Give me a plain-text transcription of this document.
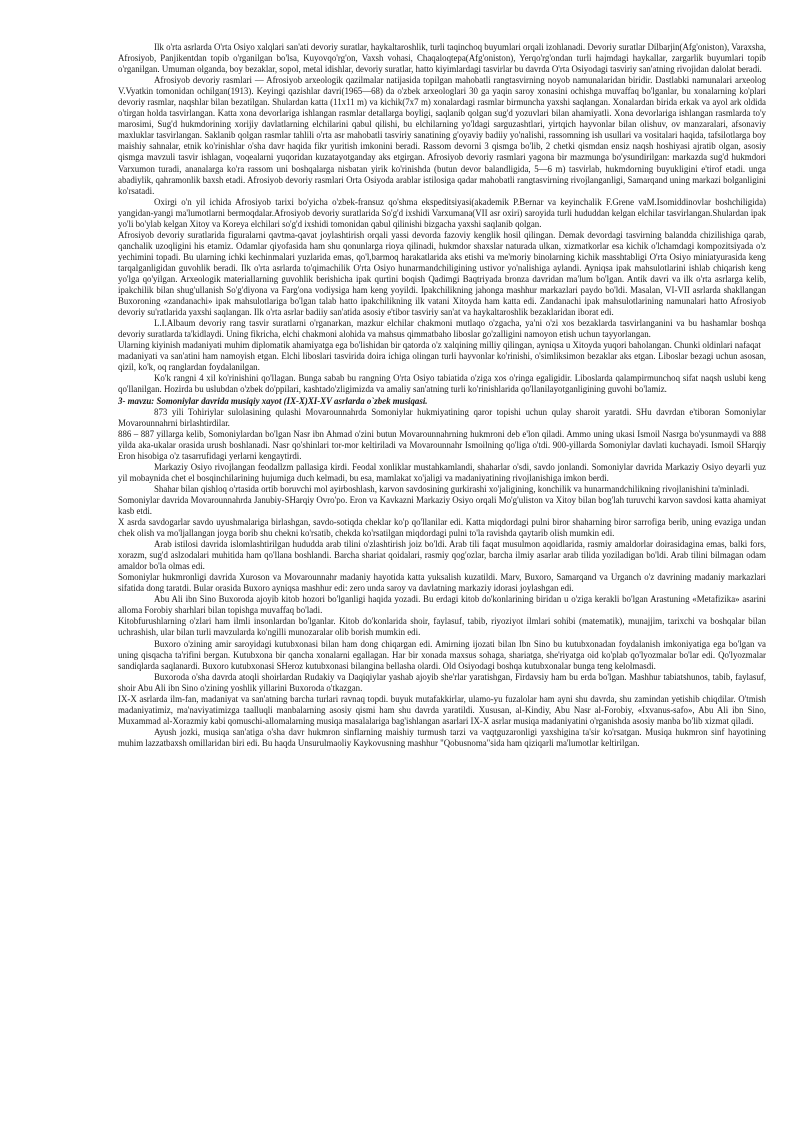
Ilk o'rta asrlarda O'rta Osiyo xalqlari san'ati devoriy suratlar, haykaltaroshlik, turli taqinchoq buyumlari orqali izohlanadi. Devoriy suratlar Dilbarjin(Afg'oniston), Varaxsha, Afrosiyob, Panjikentdan topib o'rganilgan bo'lsa, Kuyovqo'rg'on, Vaxsh vohasi, Chaqaloqtepa(Afg'oniston), Yerqo'rg'ondan turli hajmdagi haykallar, zargarlik buyumlari topib o'rganilgan. Umuman olganda, boy bezaklar, sopol, metal idishlar, devoriy suratlar, hatto kiyimlardagi tasvirlar bu davrda O'rta Osiyodagi tasviriy san'atning rivojidan dalolat beradi.

Afrosiyob devoriy rasmlari — Afrosiyob arxeologik qazilmalar natijasida topilgan mahobatli rangtasvirning noyob namunalaridan biridir. Dastlabki namunalari arxeolog V.Vyatkin tomonidan ochilgan(1913). Keyingi qazishlar davri(1965—68) da o'zbek arxeologlari 30 ga yaqin saroy xonasini ochishga muvaffaq bo'lganlar, bu xonalarning ko'plari devoriy rasmlar, naqshlar bilan bezatilgan. Shulardan katta (11x11 m) va kichik(7x7 m) xonalardagi rasmlar birmuncha yaxshi saqlangan. Xonalardan birida erkak va ayol ark oldida o'tirgan holda tasvirlangan. Katta xona devorlariga ishlangan rasmlar detallarga boyligi, saqlanib qolgan sug'd yozuvlari bilan ahamiyatli. Xona devorlariga ishlangan rasmlarda to'y marosimi, Sug'd hukmdorining xorijiy davlatlarning elchilarini qabul qilishi, bu elchilarning yo'ldagi sarguzashtlari, yirtqich hayvonlar bilan olishuv, ov manzaralari, afsonaviy maxluklar tasvirlangan. Saklanib qolgan rasmlar tahlili o'rta asr mahobatli tasviriy sanatining g'oyaviy badiiy yo'nalishi, rassomning ish usullari va vositalari haqida, tafsilotlarga boy maishiy sahnalar, etnik ko'rinishlar o'sha davr haqida fikr yuritish imkonini beradi. Rassom devorni 3 qismga bo'lib, 2 chetki qismdan ensiz naqsh hoshiyasi ajratib olgan, asosiy qismga mavzuli tasvir ishlagan, voqealarni yuqoridan kuzatayotganday aks etgirgan. Afrosiyob devoriy rasmlari yagona bir mazmunga bo'ysundirilgan: markazda sug'd hukmdori Varxumon turadi, ananalarga ko'ra rassom uni boshqalarga nisbatan yirik ko'rinishda (butun devor balandligida, 5—6 m) tasvirlab, hukmdorning buyukligini e'tirof etadi. unga abadiylik, qahramonlik baxsh etadi. Afrosiyob devoriy rasmlari Orta Osiyoda arablar istilosiga qadar mahobatli rangtasvirning rivojlanganligi, Samarqand uning markazi bolganligini ko'rsatadi.

Oxirgi o'n yil ichida Afrosiyob tarixi bo'yicha o'zbek-fransuz qo'shma ekspeditsiyasi(akademik P.Bernar va keyinchalik F.Grene vaM.Isomiddinovlar boshchiligida) yangidan-yangi ma'lumotlarni bermoqdalar.Afrosiyob devoriy suratlarida So'g'd ixshidi Varxumana(VII asr oxiri) saroyida turli hududdan kelgan elchilar tasvirlangan.Shulardan ipak yo'li bo'ylab kelgan Xitoy va Koreya elchilari so'g'd ixshidi tomonidan qabul qilinishi bizgacha yaxshi saqlanib qolgan.

Afrosiyob devoriy suratlarida figuralarni qavtma-qavat joylashtirish orqali yassi devorda fazoviy kenglik hosil qilingan. Demak devordagi tasvirning balandda chizilishiga qarab, qanchalik uzoqligini his etamiz. Odamlar qiyofasida ham shu qonunlarga rioya qilinadi, hukmdor shaxslar naturada ulkan, xizmatkorlar esa kichik o'lchamdagi kompozitsiyada o'z yechimini topadi. Bu ularning ichki kechinmalari yuzlarida emas, qo'l,barmoq harakatlarida aks etishi va me'moriy binolarning kichik masshtabligi O'rta Osiyo miniatyurasida keng tarqalganligidan guvohlik beradi. Ilk o'rta asrlarda to'qimachilik O'rta Osiyo hunarmandchiligining ustivor yo'nalishiga aylandi. Ayniqsa ipak mahsulotlarini ishlab chiqarish keng yo'lga qo'yilgan. Arxeologik materiallarning guvohlik berishicha ipak qurtini boqish Qadimgi Baqtriyada bronza davridan ma'lum bo'lgan. Antik davri va ilk o'rta asrlarga kelib, ipakchilik bilan shug'ullanish So'g'diyona va Farg'ona vodiysiga ham keng yoyildi. Ipakchilikning jahonga mashhur markazlari paydo bo'ldi. Masalan, VI-VII asrlarda shakllangan Buxoroning «zandanachi» ipak mahsulotlariga bo'lgan talab hatto ipakchilikning ilk vatani Xitoyda ham katta edi. Zandanachi ipak mahsulotlarining namunalari hatto Afrosiyob devoriy su'ratlarida yaxshi saqlangan. Ilk o'rta asrlar badiiy san'atida asosiy e'tibor tasviriy san'at va haykaltaroshlik bezaklaridan iborat edi.

L.I.Albaum devoriy rang tasvir suratlarni o'rganarkan, mazkur elchilar chakmoni mutlaqo o'zgacha, ya'ni o'zi xos bezaklarda tasvirlanganini va bu hashamlar boshqa devoriy suratlarda ta'kidlaydi. Uning fikricha, elchi chakmoni alohida va mahsus qimmatbaho liboslar go'zalligini namoyon etish uchun tayyorlangan.

Ularning kiyinish madaniyati muhim diplomatik ahamiyatga ega bo'lishidan bir qatorda o'z xalqining milliy qilingan, ayniqsa u Xitoyda yuqori baholangan. Chunki oldinlari nafaqat

madaniyati va san'atini ham namoyish etgan. Elchi liboslari tasvirida doira ichiga olingan turli hayvonlar ko'rinishi, o'simliksimon bezaklar aks etgan. Liboslar bezagi uchun asosan, qizil, ko'k, oq ranglardan foydalanilgan.

Ko'k rangni 4 xil ko'rinishini qo'llagan. Bunga sabab bu rangning O'rta Osiyo tabiatida o'ziga xos o'ringa egaligidir. Liboslarda qalampirmunchoq sifat naqsh uslubi keng qo'llanilgan. Hozirda bu uslubdan o'zbek do'ppilari, kashtado'zligimizda va amaliy san'atning turli ko'rinishlarida qo'llanilayotganligining guvohi bo'lamiz.

3- mavzu: Somoniylar davrida musiqiy xayot (IX-X)XI-XV asrlarda o`zbek musiqasi.

873 yili Tohiriylar sulolasining qulashi Movarounnahrda Somoniylar hukmiyatining qaror topishi uchun qulay sharoit yaratdi. SHu davrdan e'tiboran Somoniylar Movarounnahrni birlashtirdilar.

886 – 887 yillarga kelib, Somoniylardan bo'lgan Nasr ibn Ahmad o'zini butun Movarounnahrning hukmroni deb e'lon qiladi. Ammo uning ukasi Ismoil Nasrga bo'ysunmaydi va 888 yilda aka-ukalar orasida urush boshlanadi. Nasr qo'shinlari tor-mor keltiriladi va Movarounnahr Ismoilning qo'liga o'tdi. 900-yillarda Somoniylar davlati kuchayadi. Ismoil SHarqiy Eron hisobiga o'z tasarrufidagi yerlarni kengaytirdi.

Markaziy Osiyo rivojlangan feodallzm pallasiga kirdi. Feodal xonliklar mustahkamlandi, shaharlar o'sdi, savdo jonlandi. Somoniylar davrida Markaziy Osiyo deyarli yuz yil mobaynida chet el bosqinchilarining hujumiga duch kelmadi, bu esa, mamlakat xo'jaligi va madaniyatining rivojlanishiga imkon berdi.

Shahar bilan qishloq o'rtasida ortib boruvchi mol ayirboshlash, karvon savdosining gurkirashi xo'jaligining, konchilik va hunarmandchilikning rivojlanishini ta'minladi.

Somoniylar davrida Movarounnahrda Janubiy-SHarqiy Ovro'po. Eron va Kavkazni Markaziy Osiyo orqali Mo'g'uliston va Xitoy bilan bog'lah turuvchi karvon savdosi katta ahamiyat kasb etdi.

X asrda savdogarlar savdo uyushmalariga birlashgan, savdo-sotiqda cheklar ko'p qo'llanilar edi. Katta miqdordagi pulni biror shaharning biror sarrofiga berib, uning evaziga undan chek olish va mo'ljallangan joyga borib shu chekni ko'rsatib, chekda ko'rsatilgan miqdordagi pulni to'la ravishda qaytarib olish mumkin edi.

Arab istilosi davrida islomlashtirilgan hududda arab tilini o'zlashtirish joiz bo'ldi. Arab tili faqat musulmon aqoidlarida, rasmiy amaldorlar doirasidagina emas, balki fors, xorazm, sug'd aslzodalari muhitida ham qo'llana boshlandi. Barcha shariat qoidalari, rasmiy qog'ozlar, barcha ilmiy asarlar arab tilida yoziladigan bo'ldi. Arab tilini bilmagan odam amaldor bo'la olmas edi.

Somoniylar hukmronligi davrida Xuroson va Movarounnahr madaniy hayotida katta yuksalish kuzatildi. Marv, Buxoro, Samarqand va Urganch o'z davrining madaniy markazlari sifatida dong taratdi. Bular orasida Buxoro ayniqsa mashhur edi: zero unda saroy va davlatning markaziy idorasi joylashgan edi.

Abu Ali ibn Sino Buxoroda ajoyib kitob hozori bo'lganligi haqida yozadi. Bu erdagi kitob do'konlarining biridan u o'ziga kerakli bo'lgan Arastuning «Metafizika» asarini alloma Forobiy sharhlari bilan topishga muvaffaq bo'ladi.

Kitobfurushlarning o'zlari ham ilmli insonlardan bo'lganlar. Kitob do'konlarida shoir, faylasuf, tabib, riyoziyot ilmlari sohibi (matematik), munajjim, tarixchi va boshqalar bilan uchrashish, ular bilan turli mavzularda ko'ngilli munozaralar olib borish mumkin edi.

Buxoro o'zining amir saroyidagi kutubxonasi bilan ham dong chiqargan edi. Amirning ijozati bilan Ibn Sino bu kutubxonadan foydalanish imkoniyatiga ega bo'lgan va uning qisqacha ta'rifini bergan. Kutubxona bir qancha xonalarni egallagan. Har bir xonada maxsus sohaga, shariatga, she'riyatga oid ko'plab qo'lyozmalar bo'lar edi. Qo'lyozmalar sandiqlarda saqlanardi. Buxoro kutubxonasi SHeroz kutubxonasi bilangina bellasha olardi. Old Osiyodagi boshqa kutubxonalar bunga teng kelolmasdi.

Buxoroda o'sha davrda atoqli shoirlardan Rudakiy va Daqiqiylar yashab ajoyib she'rlar yaratishgan, Firdavsiy ham bu erda bo'lgan. Mashhur tabiatshunos, tabib, faylasuf, shoir Abu Ali ibn Sino o'zining yoshlik yillarini Buxoroda o'tkazgan.

IX-X asrlarda ilm-fan, madaniyat va san'atning barcha turlari ravnaq topdi. buyuk mutafakkirlar, ulamo-yu fuzalolar ham ayni shu davrda, shu zamindan yetishib chiqdilar. O'tmish madaniyatimiz, ma'naviyatimizga taalluqli manbalarning asosiy qismi ham shu davrda yaratildi. Xususan, al-Kindiy, Abu Nasr al-Forobiy, «Ixvanus-safo», Abu Ali ibn Sino, Muxammad al-Xorazmiy kabi qomuschi-allomalarning musiqa masalalariga bag'ishlangan asarlari IX-X asrlar musiqa madaniyatini o'rganishda asosiy manba bo'lib xizmat qiladi.

Ayush jozki, musiqa san'atiga o'sha davr hukmron sinflarning maishiy turmush tarzi va vaqtguzaronligi yaxshigina ta'sir ko'rsatgan. Musiqa hukmron sinf hayotining muhim lazzatbaxsh omillaridan biri edi. Bu haqda Unsurulmaoliy Kaykovusning mashhur "Qobusnoma"sida ham qiziqarli ma'lumotlar keltirilgan.
